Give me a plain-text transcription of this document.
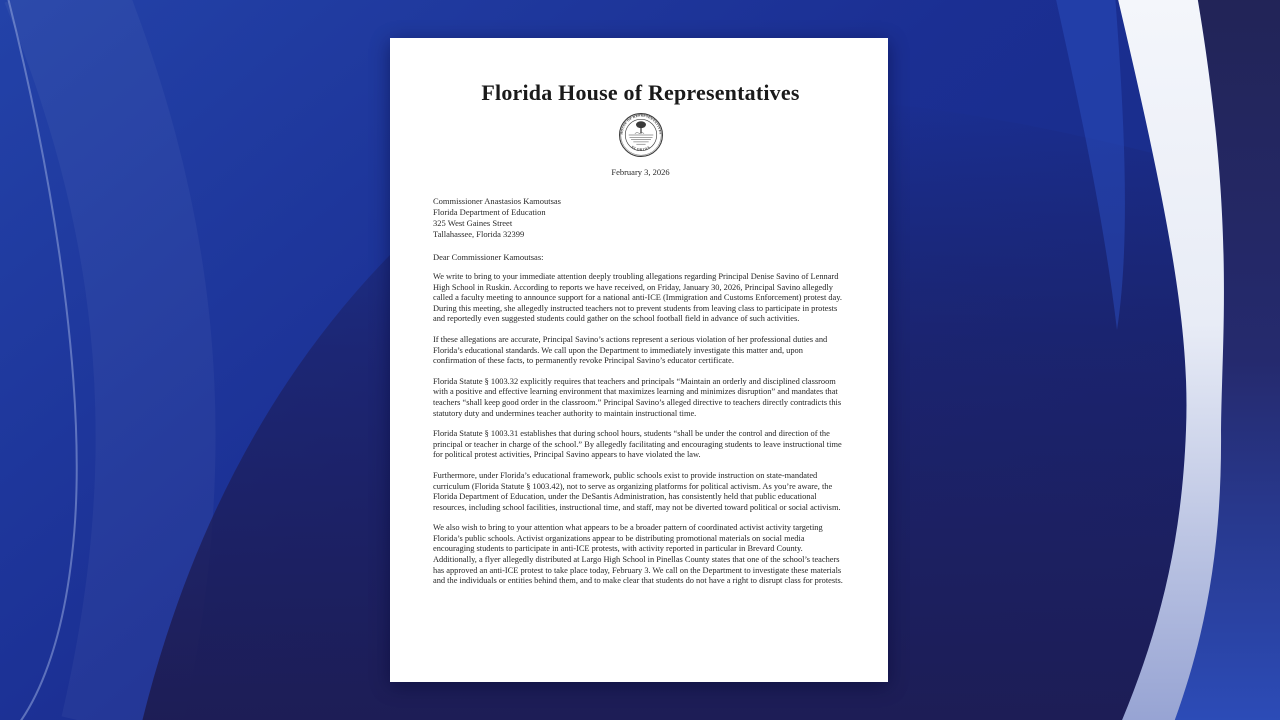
Florida House of Representatives
HOUSE OF REPRESENTATIVES
FLORIDA
February 3, 2026
Commissioner Anastasios Kamoutsas
Florida Department of Education
325 West Gaines Street
Tallahassee, Florida 32399
Dear Commissioner Kamoutsas:

We write to bring to your immediate attention deeply troubling allegations regarding Principal Denise Savino of Lennard High School in Ruskin. According to reports we have received, on Friday, January 30, 2026, Principal Savino allegedly called a faculty meeting to announce support for a national anti-ICE (Immigration and Customs Enforcement) protest day. During this meeting, she allegedly instructed teachers not to prevent students from leaving class to participate in protests and reportedly even suggested students could gather on the school football field in advance of such activities.

If these allegations are accurate, Principal Savino’s actions represent a serious violation of her professional duties and Florida’s educational standards. We call upon the Department to immediately investigate this matter and, upon confirmation of these facts, to permanently revoke Principal Savino’s educator certificate.

Florida Statute § 1003.32 explicitly requires that teachers and principals “Maintain an orderly and disciplined classroom with a positive and effective learning environment that maximizes learning and minimizes disruption” and mandates that teachers “shall keep good order in the classroom.” Principal Savino’s alleged directive to teachers directly contradicts this statutory duty and undermines teacher authority to maintain instructional time.

Florida Statute § 1003.31 establishes that during school hours, students “shall be under the control and direction of the principal or teacher in charge of the school.” By allegedly facilitating and encouraging students to leave instructional time for political protest activities, Principal Savino appears to have violated the law.

Furthermore, under Florida’s educational framework, public schools exist to provide instruction on state-mandated curriculum (Florida Statute § 1003.42), not to serve as organizing platforms for political activism. As you’re aware, the Florida Department of Education, under the DeSantis Administration, has consistently held that public educational resources, including school facilities, instructional time, and staff, may not be diverted toward political or social activism.

We also wish to bring to your attention what appears to be a broader pattern of coordinated activist activity targeting Florida’s public schools. Activist organizations appear to be distributing promotional materials on social media encouraging students to participate in anti-ICE protests, with activity reported in particular in Brevard County. Additionally, a flyer allegedly distributed at Largo High School in Pinellas County states that one of the school’s teachers has approved an anti-ICE protest to take place today, February 3. We call on the Department to investigate these materials and the individuals or entities behind them, and to make clear that students do not have a right to disrupt class for protests.
